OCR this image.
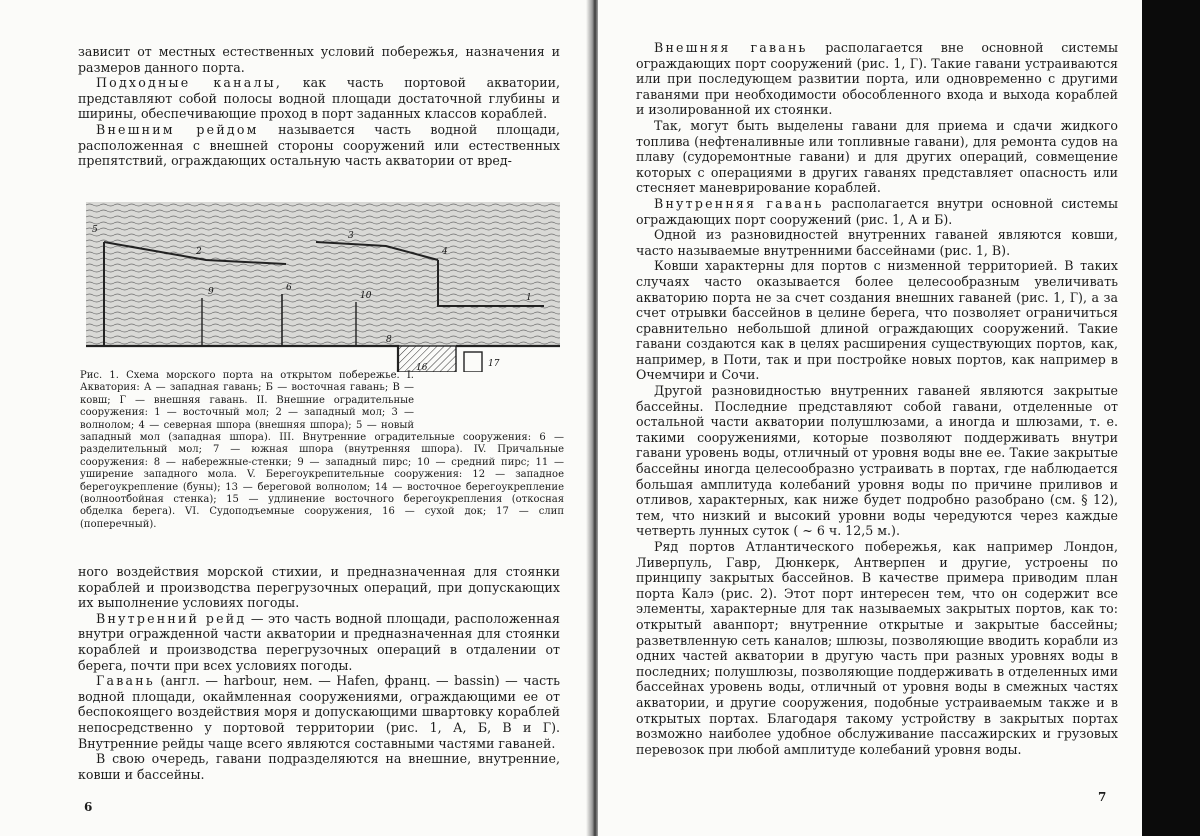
зависит от местных естественных условий побережья, назначения и размеров данного порта.

Подходные каналы, как часть портовой акватории, представляют собой полосы водной площади достаточной глубины и ширины, обеспечивающие проход в порт заданных классов кораблей.

Внешним рейдом называется часть водной площади, расположенная с внешней стороны сооружений или естественных препятствий, ограждающих остальную часть акватории от вред-

5
2
3
4
1
6
9	10
8
17
16
Рис. 1. Схема морского порта на открытом побережье. I. Акватория: А — западная гавань; Б — восточная гавань; В — ковш; Г — внешняя гавань. II. Внешние оградительные сооружения: 1 — восточный мол; 2 — западный мол; 3 — волнолом; 4 — северная шпора (внешняя шпора); 5 — новый западный мол (западная шпора). III. Внутренние оградительные сооружения: 6 — разделительный мол; 7 — южная шпора (внутренняя шпора). IV. Причальные сооружения: 8 — набережные-стенки; 9 — западный пирс; 10 — средний пирс; 11 — уширение западного мола. V. Берегоукрепительные сооружения: 12 — западное берегоукрепление (буны); 13 — береговой волнолом; 14 — восточное берегоукрепление (волноотбойная стенка); 15 — удлинение восточного берегоукрепления (откосная обделка берега). VI. Судоподъемные сооружения, 16 — сухой док; 17 — слип (поперечный).

ного воздействия морской стихии, и предназначенная для стоянки кораблей и производства перегрузочных операций, при допускающих их выполнение условиях погоды.

Внутренний рейд — это часть водной площади, расположенная внутри огражденной части акватории и предназначенная для стоянки кораблей и производства перегрузочных операций в отдалении от берега, почти при всех условиях погоды.

Гавань (англ. — harbour, нем. — Hafen, франц. — bassin) — часть водной площади, окаймленная сооружениями, ограждающими ее от беспокоящего воздействия моря и допускающими швартовку кораблей непосредственно у портовой территории (рис. 1, А, Б, В и Г). Внутренние рейды чаще всего являются составными частями гаваней.

В свою очередь, гавани подразделяются на внешние, внутренние, ковши и бассейны.

6

Внешняя гавань располагается вне основной системы ограждающих порт сооружений (рис. 1, Г). Такие гавани устраиваются или при последующем развитии порта, или одновременно с другими гаванями при необходимости обособленного входа и выхода кораблей и изолированной их стоянки.

Так, могут быть выделены гавани для приема и сдачи жидкого топлива (нефтеналивные или топливные гавани), для ремонта судов на плаву (судоремонтные гавани) и для других операций, совмещение которых с операциями в других гаванях представляет опасность или стесняет маневрирование кораблей.

Внутренняя гавань располагается внутри основной системы ограждающих порт сооружений (рис. 1, А и Б).

Одной из разновидностей внутренних гаваней являются ковши, часто называемые внутренними бассейнами (рис. 1, В).

Ковши характерны для портов с низменной территорией. В таких случаях часто оказывается более целесообразным увеличивать акваторию порта не за счет создания внешних гаваней (рис. 1, Г), а за счет отрывки бассейнов в целине берега, что позволяет ограничиться сравнительно небольшой длиной ограждающих сооружений. Такие гавани создаются как в целях расширения существующих портов, как, например, в Поти, так и при постройке новых портов, как например в Очемчири и Сочи.

Другой разновидностью внутренних гаваней являются закрытые бассейны. Последние представляют собой гавани, отделенные от остальной части акватории полушлюзами, а иногда и шлюзами, т. е. такими сооружениями, которые позволяют поддерживать внутри гавани уровень воды, отличный от уровня воды вне ее. Такие закрытые бассейны иногда целесообразно устраивать в портах, где наблюдается большая амплитуда колебаний уровня воды по причине приливов и отливов, характерных, как ниже будет подробно разобрано (см. § 12), тем, что низкий и высокий уровни воды чередуются через каждые четверть лунных суток ( ~ 6 ч. 12,5 м.).

Ряд портов Атлантического побережья, как например Лондон, Ливерпуль, Гавр, Дюнкерк, Антверпен и другие, устроены по принципу закрытых бассейнов. В качестве примера приводим план порта Калэ (рис. 2). Этот порт интересен тем, что он содержит все элементы, характерные для так называемых закрытых портов, как то: открытый аванпорт; внутренние открытые и закрытые бассейны; разветвленную сеть каналов; шлюзы, позволяющие вводить корабли из одних частей акватории в другую часть при разных уровнях воды в последних; полушлюзы, позволяющие поддерживать в отделенных ими бассейнах уровень воды, отличный от уровня воды в смежных частях акватории, и другие сооружения, подобные устраиваемым также и в открытых портах. Благодаря такому устройству в закрытых портах возможно наиболее удобное обслуживание пассажирских и грузовых перевозок при любой амплитуде колебаний уровня воды.

7
